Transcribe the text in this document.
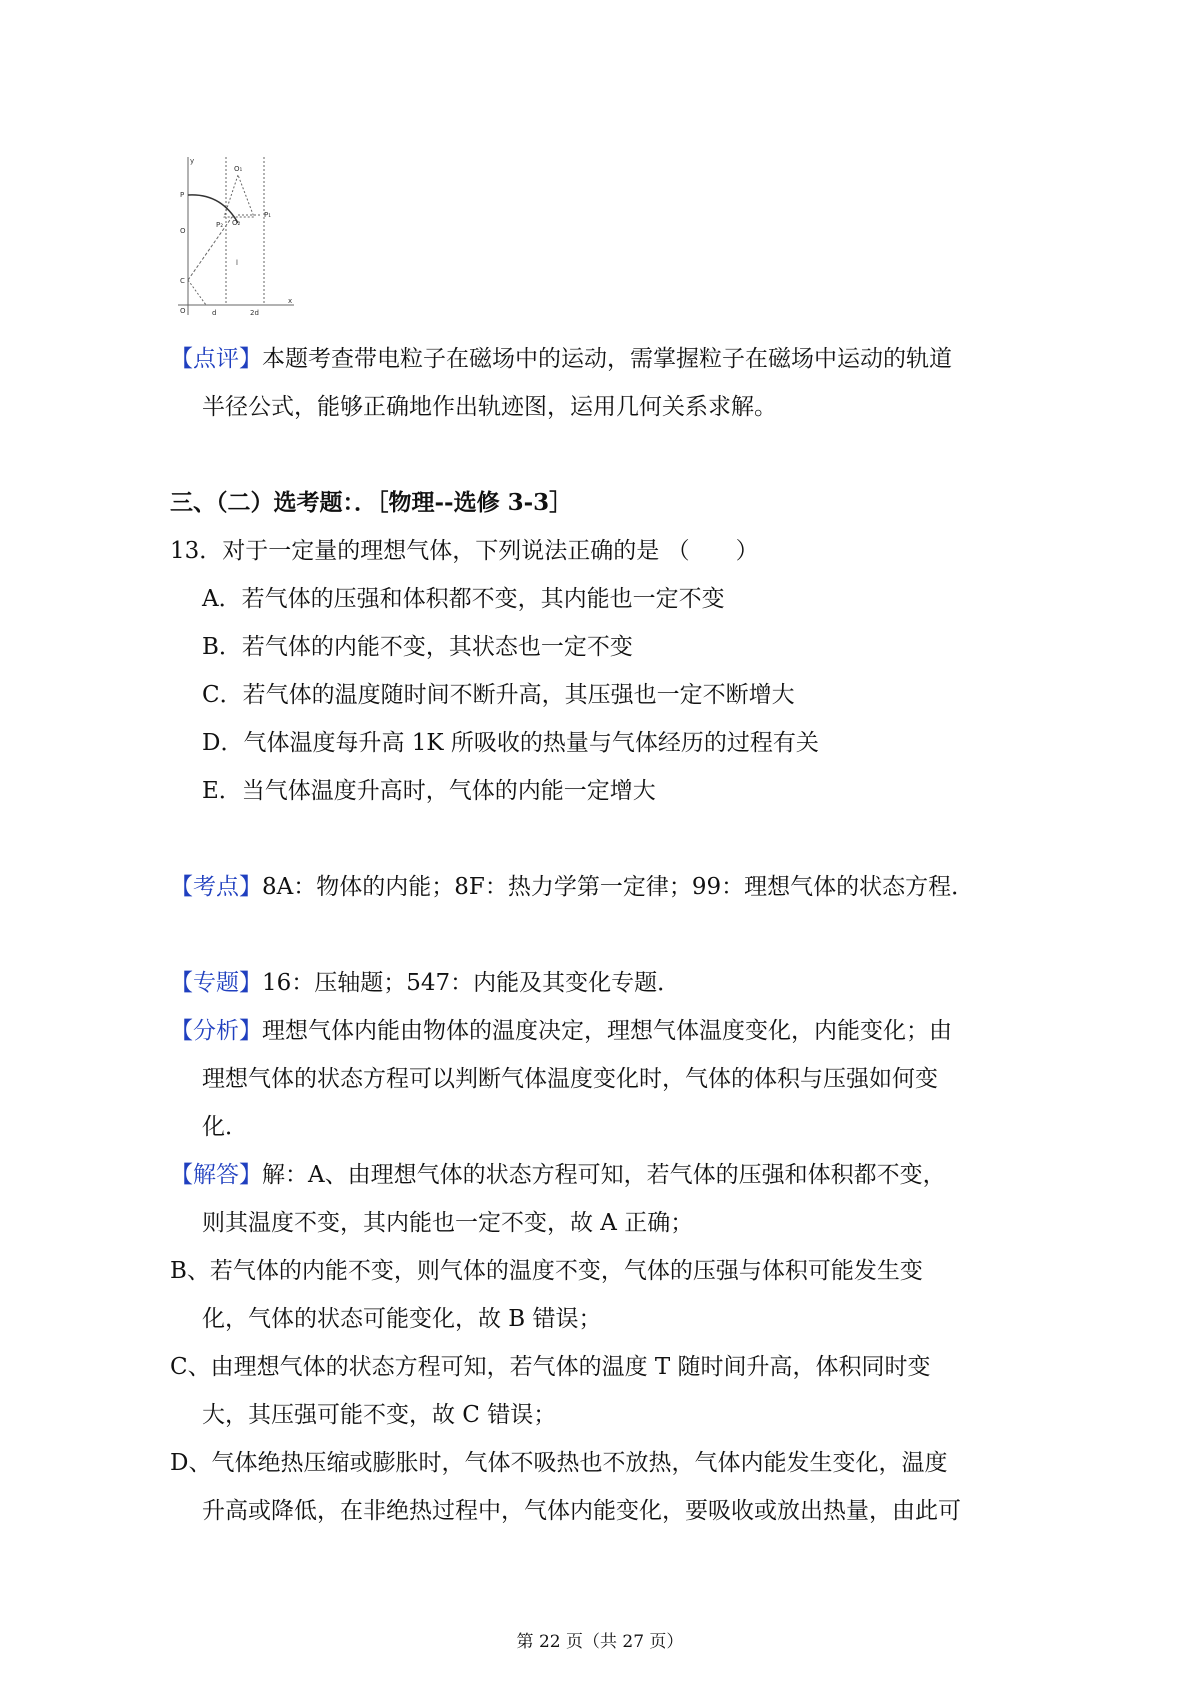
y
x
P
O₁
O₂
P₁
P₂
O
C
l
O	d	2d
【点评】本题考查带电粒子在磁场中的运动，需掌握粒子在磁场中运动的轨道
半径公式，能够正确地作出轨迹图，运用几何关系求解。
三、（二）选考题：．［物理--选修 3-3］
13．对于一定量的理想气体，下列说法正确的是 （　　）
A．若气体的压强和体积都不变，其内能也一定不变
B．若气体的内能不变，其状态也一定不变
C．若气体的温度随时间不断升高，其压强也一定不断增大
D．气体温度每升高 1K 所吸收的热量与气体经历的过程有关
E．当气体温度升高时，气体的内能一定增大
【考点】8A：物体的内能；8F：热力学第一定律；99：理想气体的状态方程．
【专题】16：压轴题；547：内能及其变化专题．
【分析】理想气体内能由物体的温度决定，理想气体温度变化，内能变化；由
理想气体的状态方程可以判断气体温度变化时，气体的体积与压强如何变
化．
【解答】解：A、由理想气体的状态方程可知，若气体的压强和体积都不变，
则其温度不变，其内能也一定不变，故 A 正确；
B、若气体的内能不变，则气体的温度不变，气体的压强与体积可能发生变
化，气体的状态可能变化，故 B 错误；
C、由理想气体的状态方程可知，若气体的温度 T 随时间升高，体积同时变
大，其压强可能不变，故 C 错误；
D、气体绝热压缩或膨胀时，气体不吸热也不放热，气体内能发生变化，温度
升高或降低，在非绝热过程中，气体内能变化，要吸收或放出热量，由此可
第 22 页（共 27 页）
